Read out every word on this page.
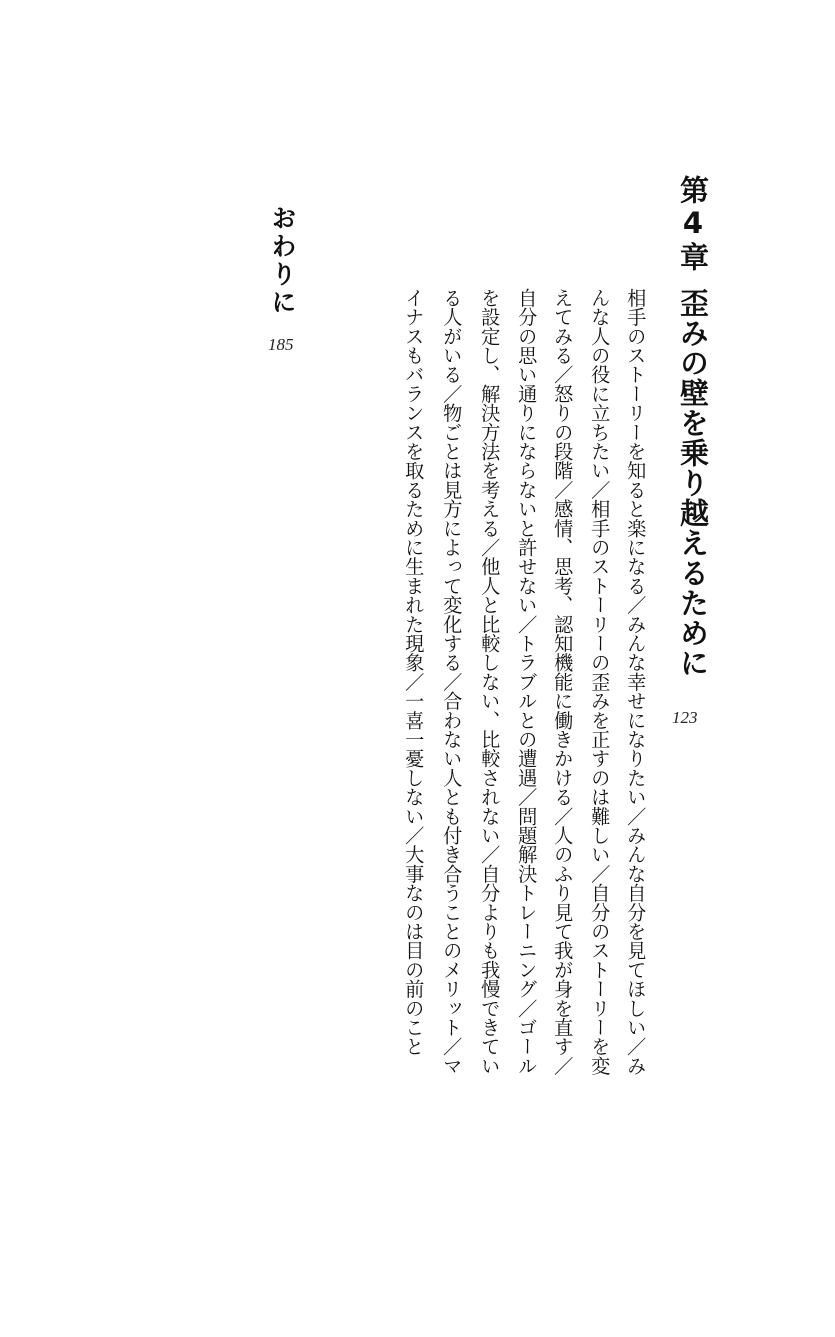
第4章
歪みの壁を乗り越えるために
123
相手のストーリーを知ると楽になる／みんな幸せになりたい／みんな自分を見てほしい／み
んな人の役に立ちたい／相手のストーリーの歪みを正すのは難しい／自分のストーリーを変
えてみる／怒りの段階／感情、思考、認知機能に働きかける／人のふり見て我が身を直す／
自分の思い通りにならないと許せない／トラブルとの遭遇／問題解決トレーニング／ゴール
を設定し、解決方法を考える／他人と比較しない、比較されない／自分よりも我慢できてい
る人がいる／物ごとは見方によって変化する／合わない人とも付き合うことのメリット／マ
イナスもバランスを取るために生まれた現象／一喜一憂しない／大事なのは目の前のこと
おわりに
185
